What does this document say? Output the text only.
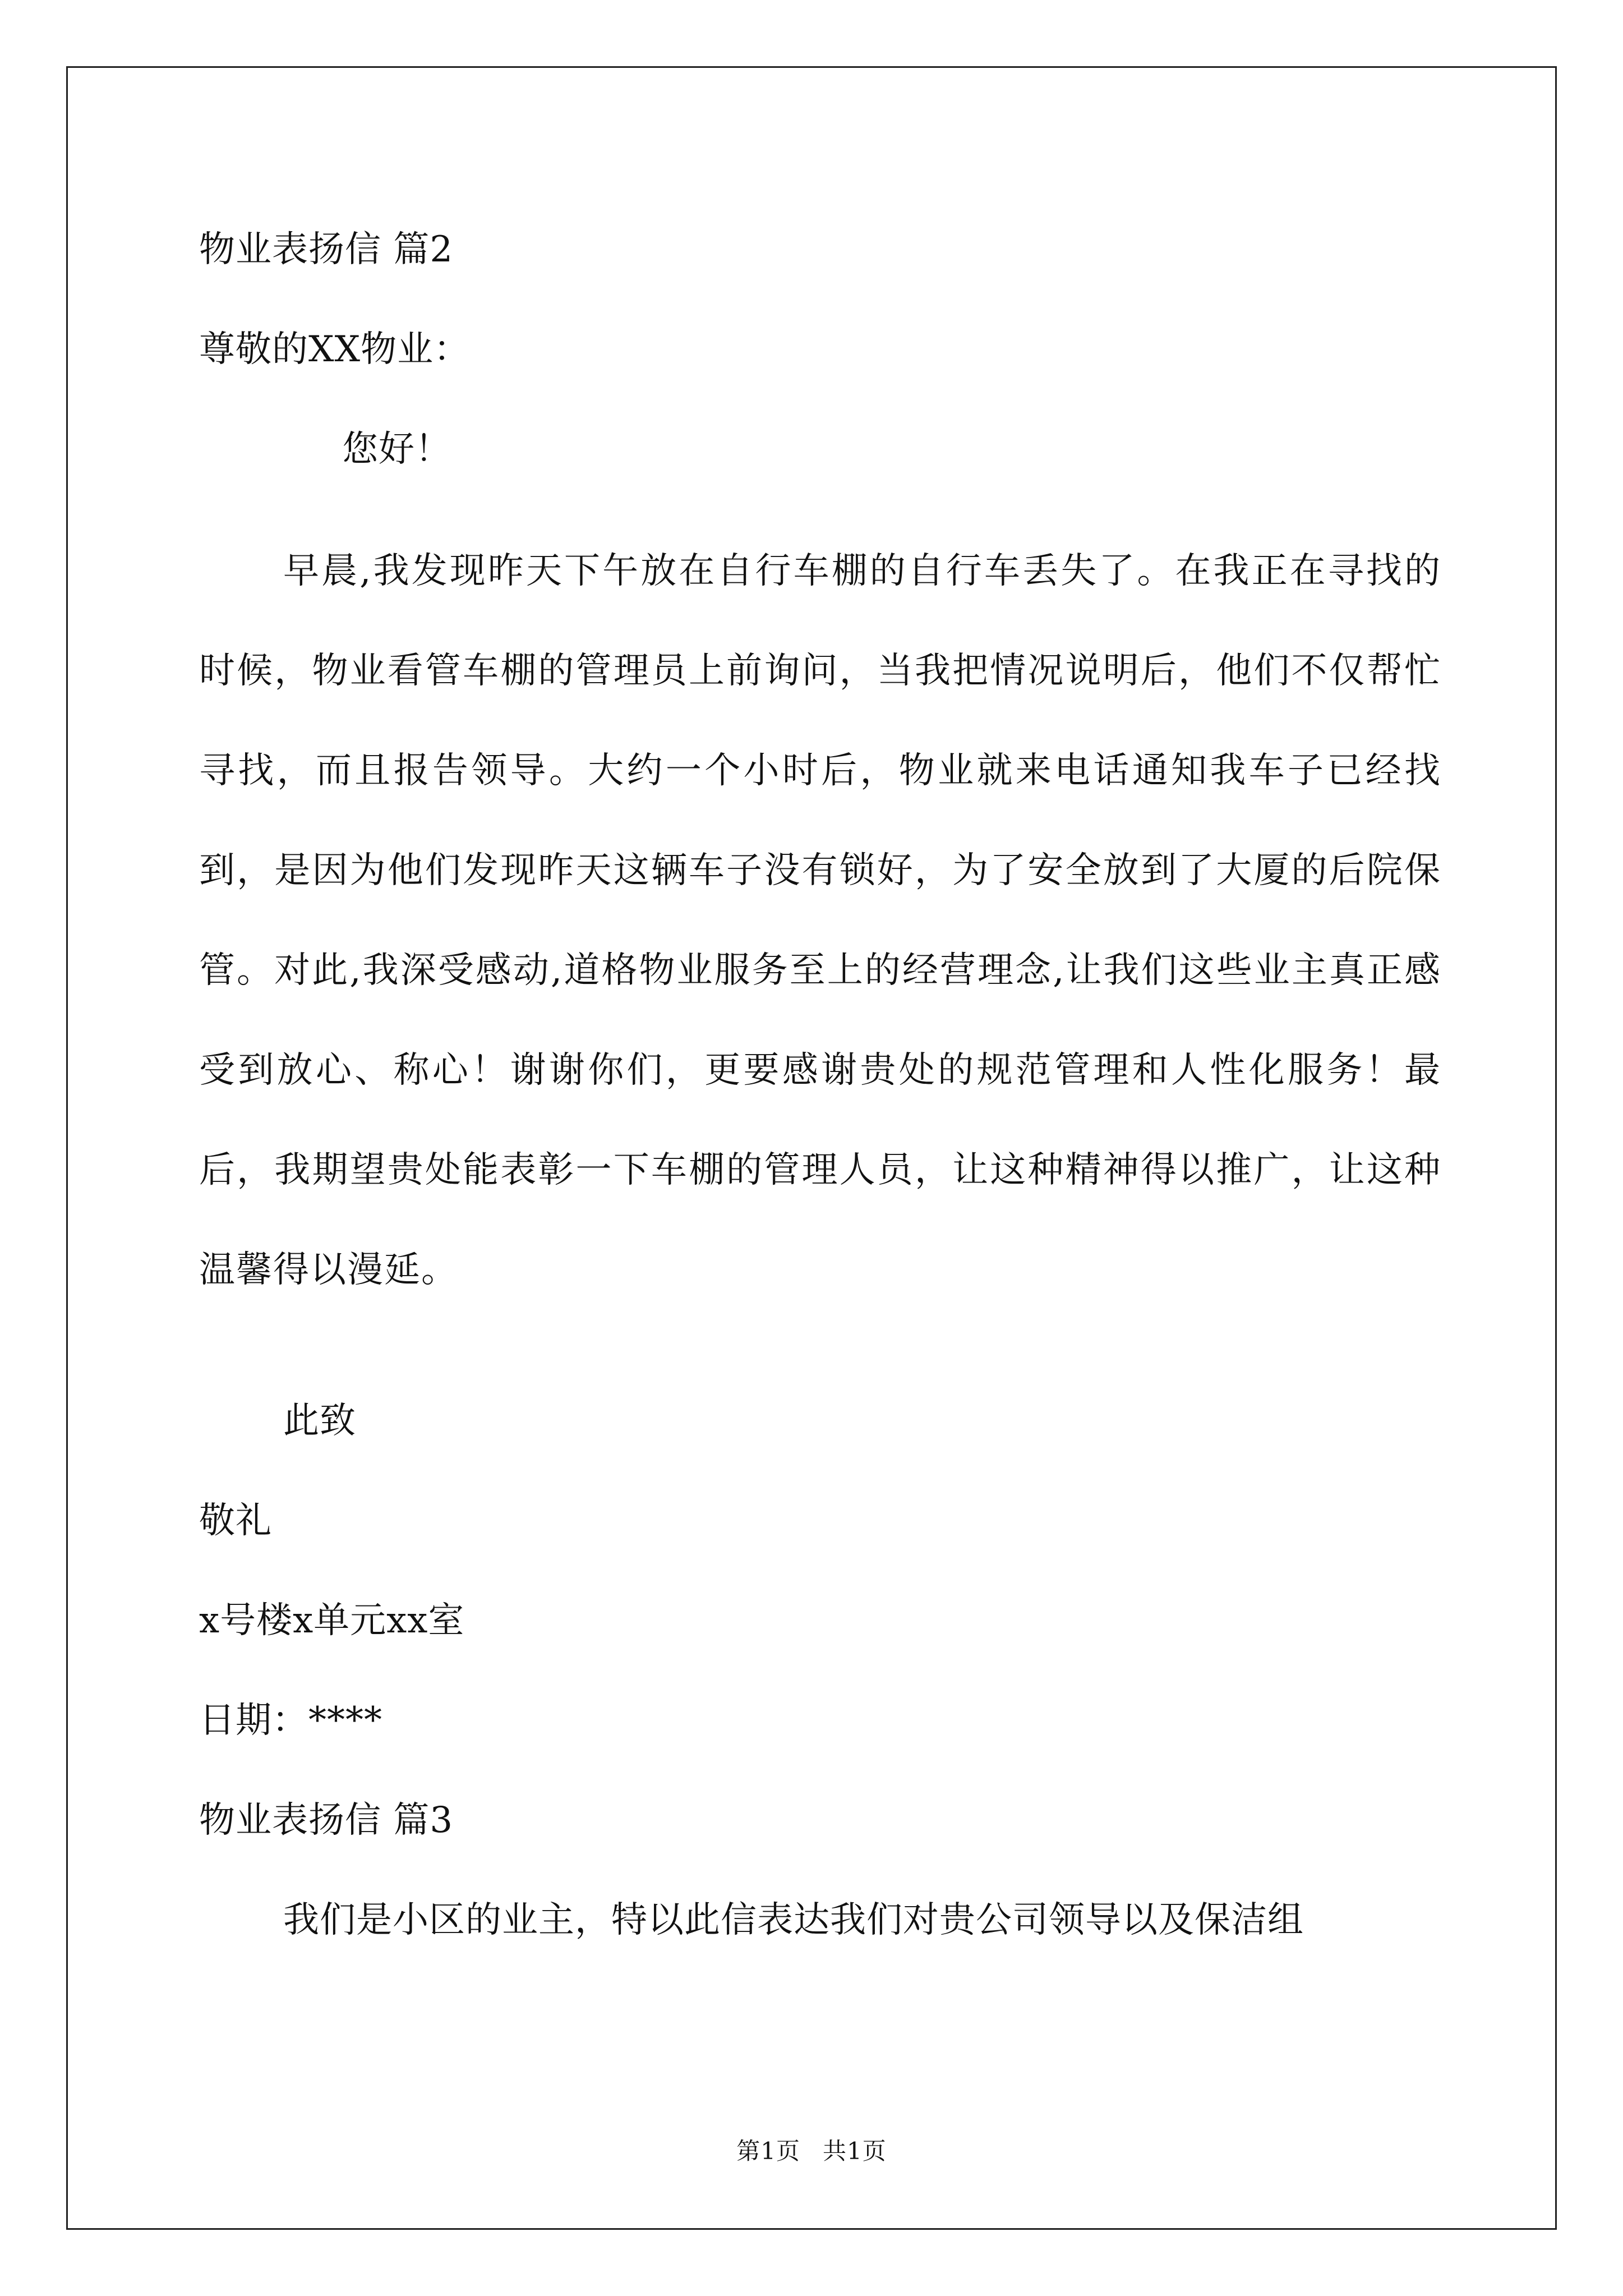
物业表扬信 篇2
尊敬的XX物业：
您好！
早晨,我发现昨天下午放在自行车棚的自行车丢失了。在我正在寻找的时候，物业看管车棚的管理员上前询问，当我把情况说明后，他们不仅帮忙寻找，而且报告领导。大约一个小时后，物业就来电话通知我车子已经找到，是因为他们发现昨天这辆车子没有锁好，为了安全放到了大厦的后院保管。对此,我深受感动,道格物业服务至上的经营理念,让我们这些业主真正感受到放心、称心！谢谢你们，更要感谢贵处的规范管理和人性化服务！最后，我期望贵处能表彰一下车棚的管理人员，让这种精神得以推广，让这种温馨得以漫延。
此致
敬礼
x号楼x单元xx室
日期：****
物业表扬信 篇3
我们是小区的业主，特以此信表达我们对贵公司领导以及保洁组
第1页 共1页
